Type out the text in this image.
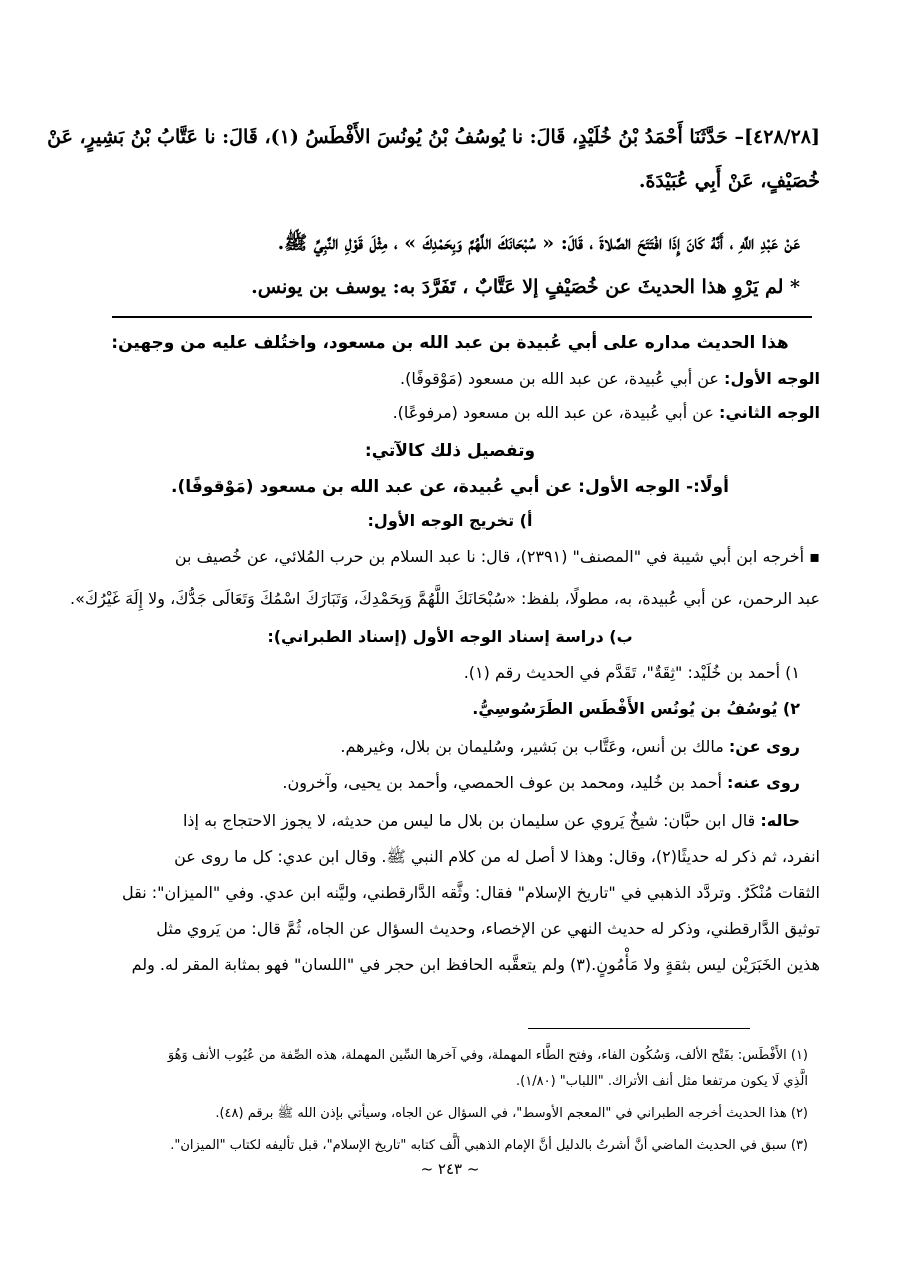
[٤٢٨/٢٨]– حَدَّثَنَا أَحْمَدُ بْنُ خُلَيْدٍ، قَالَ: نا يُوسُفُ بْنُ يُونُسَ الأَفْطَسُ (١)، قَالَ: نا عَتَّابُ بْنُ بَشِيرٍ، عَنْ
خُصَيْفٍ، عَنْ أَبِي عُبَيْدَةَ.
عَنْ عَبْدِ اللَّهِ ، أَنَّهُ كَانَ إِذَا افْتَتَحَ الصَّلاةَ ، قَالَ: « سُبْحَانَكَ اللَّهُمَّ وَبِحَمْدِكَ » ، مِثْلَ قَوْلِ النَّبِيِّ ﷺ.
* لم يَرْوِ هذا الحديثَ عن خُصَيْفٍ إلا عَتَّابٌ ، تَفَرَّدَ به: يوسف بن يونس.
هذا الحديث مداره على أبي عُبيدة بن عبد الله بن مسعود، واختُلف عليه من وجهين:
الوجه الأول: عن أبي عُبيدة، عن عبد الله بن مسعود (مَوْقوفًا).
الوجه الثاني: عن أبي عُبيدة، عن عبد الله بن مسعود (مرفوعًا).
وتفصيل ذلك كالآتي:
أولًا:- الوجه الأول: عن أبي عُبيدة، عن عبد الله بن مسعود (مَوْقوفًا).
أ) تخريج الوجه الأول:
▪ أخرجه ابن أبي شيبة في "المصنف" (٢٣٩١)، قال: نا عبد السلام بن حرب المُلائي، عن خُصيف بن
عبد الرحمن، عن أبي عُبيدة، به، مطولًا، بلفظ: «سُبْحَانَكَ اللَّهُمَّ وَبِحَمْدِكَ، وَتَبَارَكَ اسْمُكَ وَتَعَالَى جَدُّكَ، ولا إِلَهَ غَيْرُكَ».
ب) دراسة إسناد الوجه الأول (إسناد الطبراني):
١) أحمد بن خُلَيْد: "ثِقَةٌ"، تَقَدَّم في الحديث رقم (١).
٢) يُوسُفُ بن يُونُس الأَفْطَس الطَرَسُوسِيُّ.
روى عن: مالك بن أنس، وعَتَّاب بن بَشير، وسُليمان بن بلال، وغيرهم.
روى عنه: أحمد بن خُليد، ومحمد بن عوف الحمصي، وأحمد بن يحيى، وآخرون.
حاله: قال ابن حبَّان: شيخٌ يَروي عن سليمان بن بلال ما ليس من حديثه، لا يجوز الاحتجاج به إذا
انفرد، ثم ذكر له حديثًا(٢)، وقال: وهذا لا أصل له من كلام النبي ﷺ. وقال ابن عدي: كل ما روى عن
الثقات مُنْكَرٌ. وتردَّد الذهبي في "تاريخ الإسلام" فقال: وثَّقه الدَّارقطني، وليَّنه ابن عدي. وفي "الميزان": نقل
توثيق الدَّارقطني، وذكر له حديث النهي عن الإخصاء، وحديث السؤال عن الجاه، ثُمَّ قال: من يَروي مثل
هذين الخَبَرَيْن ليس بثقةٍ ولا مَأْمُونٍ.(٣) ولم يتعقَّبه الحافظ ابن حجر في "اللسان" فهو بمثابة المقر له. ولم
(١) الأَفْطَس: بفَتْح الألف، وَسُكُون الفاء، وفتح الطَّاء المهملة، وفي آخرها السِّين المهملة، هذه الصِّفة من عُيُوب الأنف وَهُوَ
الَّذِي لَا يكون مرتفعا مثل أنف الأتراك. "اللباب" (١/٨٠).
(٢) هذا الحديث أخرجه الطبراني في "المعجم الأوسط"، في السؤال عن الجاه، وسيأتي بإذن الله ﷺ برقم (٤٨).
(٣) سبق في الحديث الماضي أنَّ أشرتُ بالدليل أنَّ الإمام الذهبي ألَّف كتابه "تاريخ الإسلام"، قبل تأليفه لكتاب "الميزان".
~ ٢٤٣ ~
